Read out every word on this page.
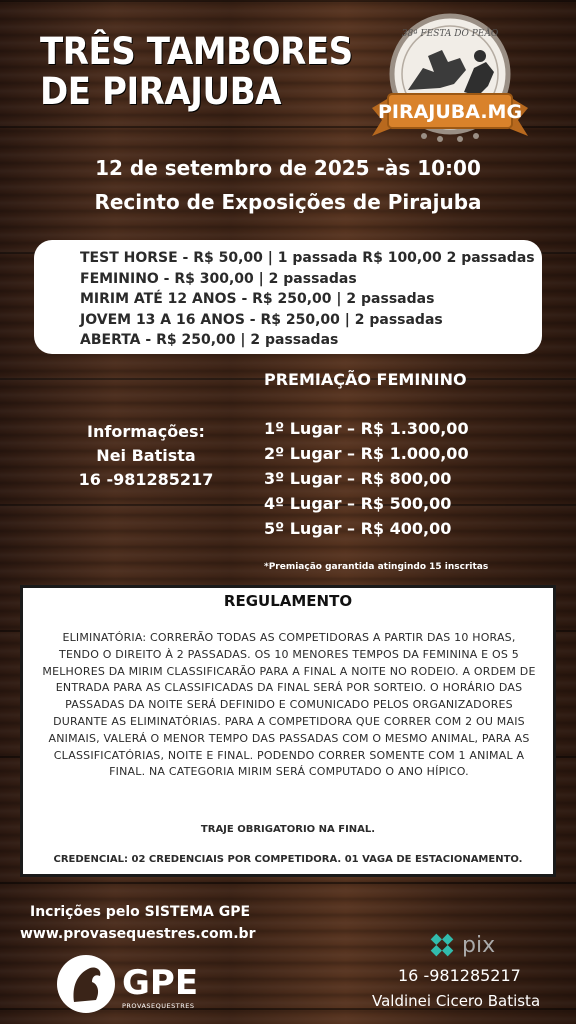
TRÊS TAMBORES
DE PIRAJUBA	PIRAJUBA.MG
38ª FESTA DO PEÃO
12 de setembro de 2025 -às 10:00
Recinto de Exposições de Pirajuba
TEST HORSE - R$ 50,00 | 1 passada R$ 100,00 2 passadas
FEMININO - R$ 300,00 | 2 passadas
MIRIM ATÉ 12 ANOS - R$ 250,00 | 2 passadas
JOVEM 13 A 16 ANOS - R$ 250,00 | 2 passadas
ABERTA - R$ 250,00 | 2 passadas
PREMIAÇÃO FEMININO
Informações:
Nei Batista
16 -981285217
1º Lugar – R$ 1.300,00
2º Lugar – R$ 1.000,00
3º Lugar – R$ 800,00
4º Lugar – R$ 500,00
5º Lugar – R$ 400,00
*Premiação garantida atingindo 15 inscritas
REGULAMENTO
ELIMINATÓRIA: CORRERÃO TODAS AS COMPETIDORAS A PARTIR DAS 10 HORAS, TENDO O DIREITO À 2 PASSADAS. OS 10 MENORES TEMPOS DA FEMININA E OS 5 MELHORES DA MIRIM CLASSIFICARÃO PARA A FINAL A NOITE NO RODEIO. A ORDEM DE ENTRADA PARA AS CLASSIFICADAS DA FINAL SERÁ POR SORTEIO. O HORÁRIO DAS PASSADAS DA NOITE SERÁ DEFINIDO E COMUNICADO PELOS ORGANIZADORES DURANTE AS ELIMINATÓRIAS. PARA A COMPETIDORA QUE CORRER COM 2 OU MAIS ANIMAIS, VALERÁ O MENOR TEMPO DAS PASSADAS COM O MESMO ANIMAL, PARA AS CLASSIFICATÓRIAS, NOITE E FINAL. PODENDO CORRER SOMENTE COM 1 ANIMAL A FINAL. NA CATEGORIA MIRIM SERÁ COMPUTADO O ANO HÍPICO.
TRAJE OBRIGATORIO NA FINAL.
CREDENCIAL: 02 CREDENCIAIS POR COMPETIDORA. 01 VAGA DE ESTACIONAMENTO.
Incrições pelo SISTEMA GPE
www.provasequestres.com.br
GPE
PROVASEQUESTRES
pix
16 -981285217
Valdinei Cicero Batista
